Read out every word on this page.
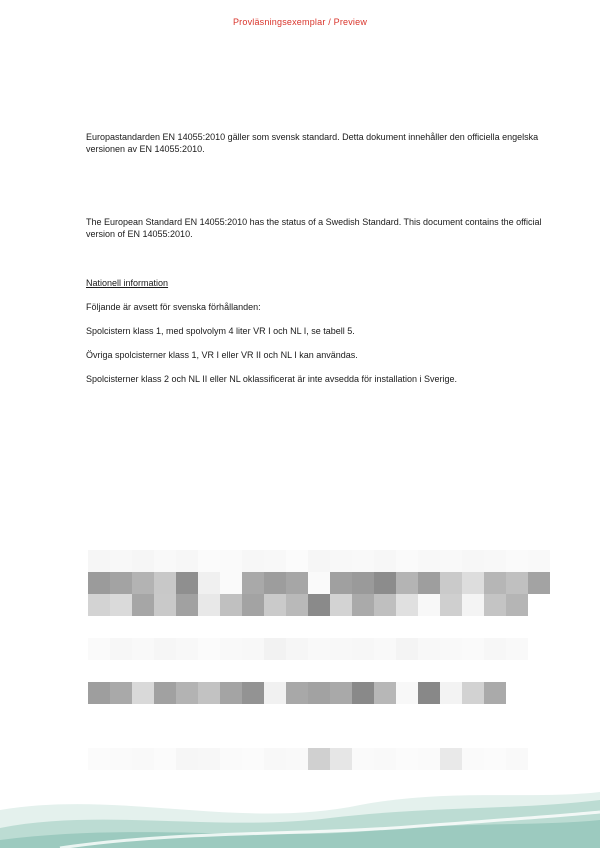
Provläsningsexemplar / Preview

Europastandarden EN 14055:2010 gäller som svensk standard. Detta dokument innehåller den officiella engelska versionen av EN 14055:2010.

The European Standard EN 14055:2010 has the status of a Swedish Standard. This document contains the official version of EN 14055:2010.

Nationell information

Följande är avsett för svenska förhållanden:

Spolcistern klass 1, med spolvolym 4 liter VR I och NL I, se tabell 5.

Övriga spolcisterner klass 1, VR I eller VR II och NL I kan användas.

Spolcisterner klass 2 och NL II eller NL oklassificerat är inte avsedda för installation i Sverige.
